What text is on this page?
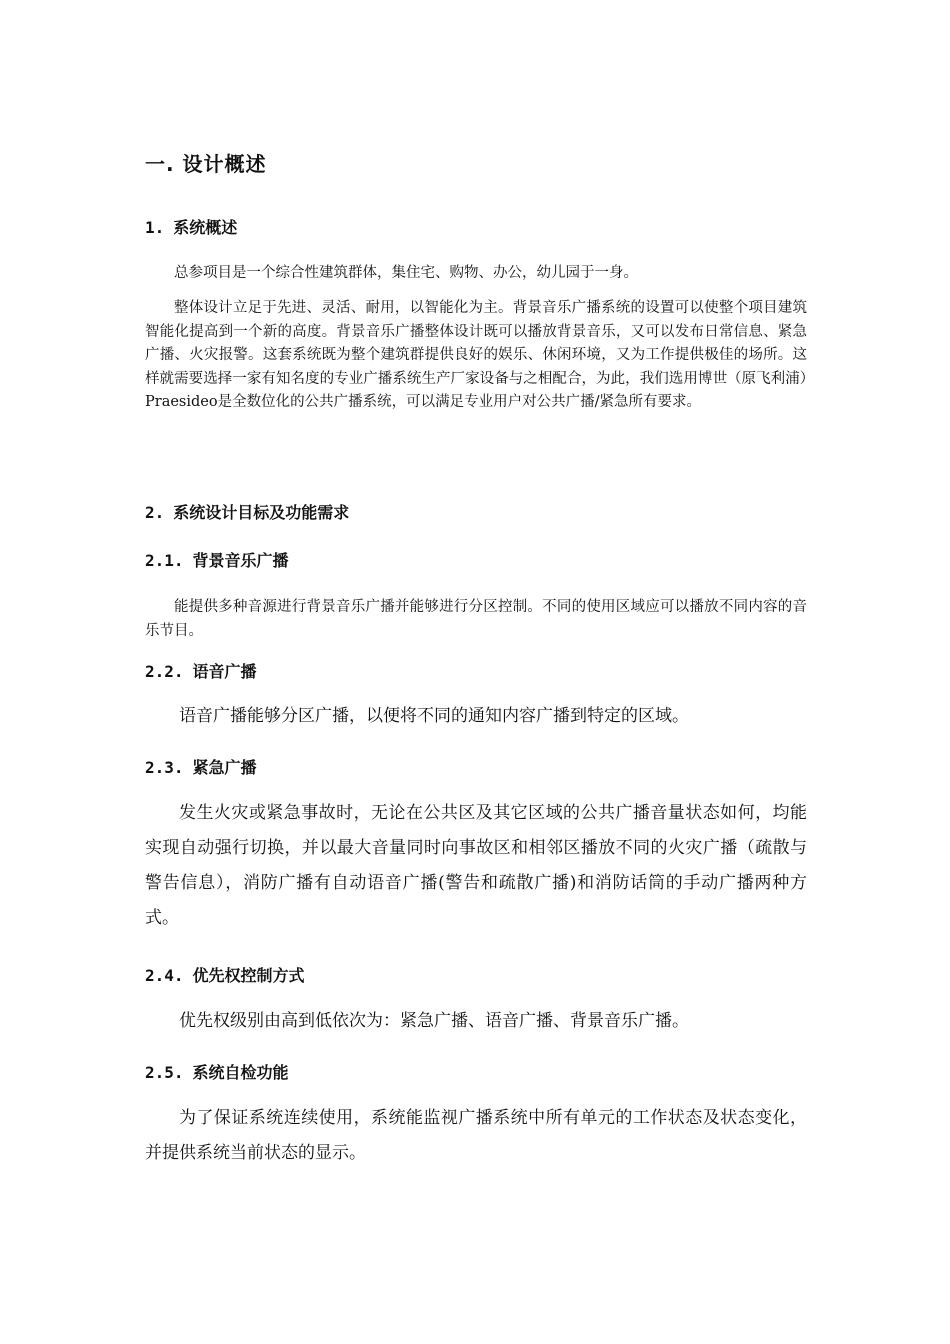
一. 设计概述
1. 系统概述

总参项目是一个综合性建筑群体，集住宅、购物、办公，幼儿园于一身。

整体设计立足于先进、灵活、耐用，以智能化为主。背景音乐广播系统的设置可以使整个项目建筑智能化提高到一个新的高度。背景音乐广播整体设计既可以播放背景音乐，又可以发布日常信息、紧急广播、火灾报警。这套系统既为整个建筑群提供良好的娱乐、休闲环境，又为工作提供极佳的场所。这样就需要选择一家有知名度的专业广播系统生产厂家设备与之相配合，为此，我们选用博世（原飞利浦）Praesideo是全数位化的公共广播系统，可以满足专业用户对公共广播/紧急所有要求。

2. 系统设计目标及功能需求
2.1. 背景音乐广播

能提供多种音源进行背景音乐广播并能够进行分区控制。不同的使用区域应可以播放不同内容的音乐节目。

2.2. 语音广播

语音广播能够分区广播，以便将不同的通知内容广播到特定的区域。

2.3. 紧急广播

发生火灾或紧急事故时，无论在公共区及其它区域的公共广播音量状态如何，均能实现自动强行切换，并以最大音量同时向事故区和相邻区播放不同的火灾广播（疏散与警告信息），消防广播有自动语音广播(警告和疏散广播)和消防话筒的手动广播两种方式。

2.4. 优先权控制方式

优先权级别由高到低依次为：紧急广播、语音广播、背景音乐广播。

2.5. 系统自检功能

为了保证系统连续使用，系统能监视广播系统中所有单元的工作状态及状态变化，并提供系统当前状态的显示。
